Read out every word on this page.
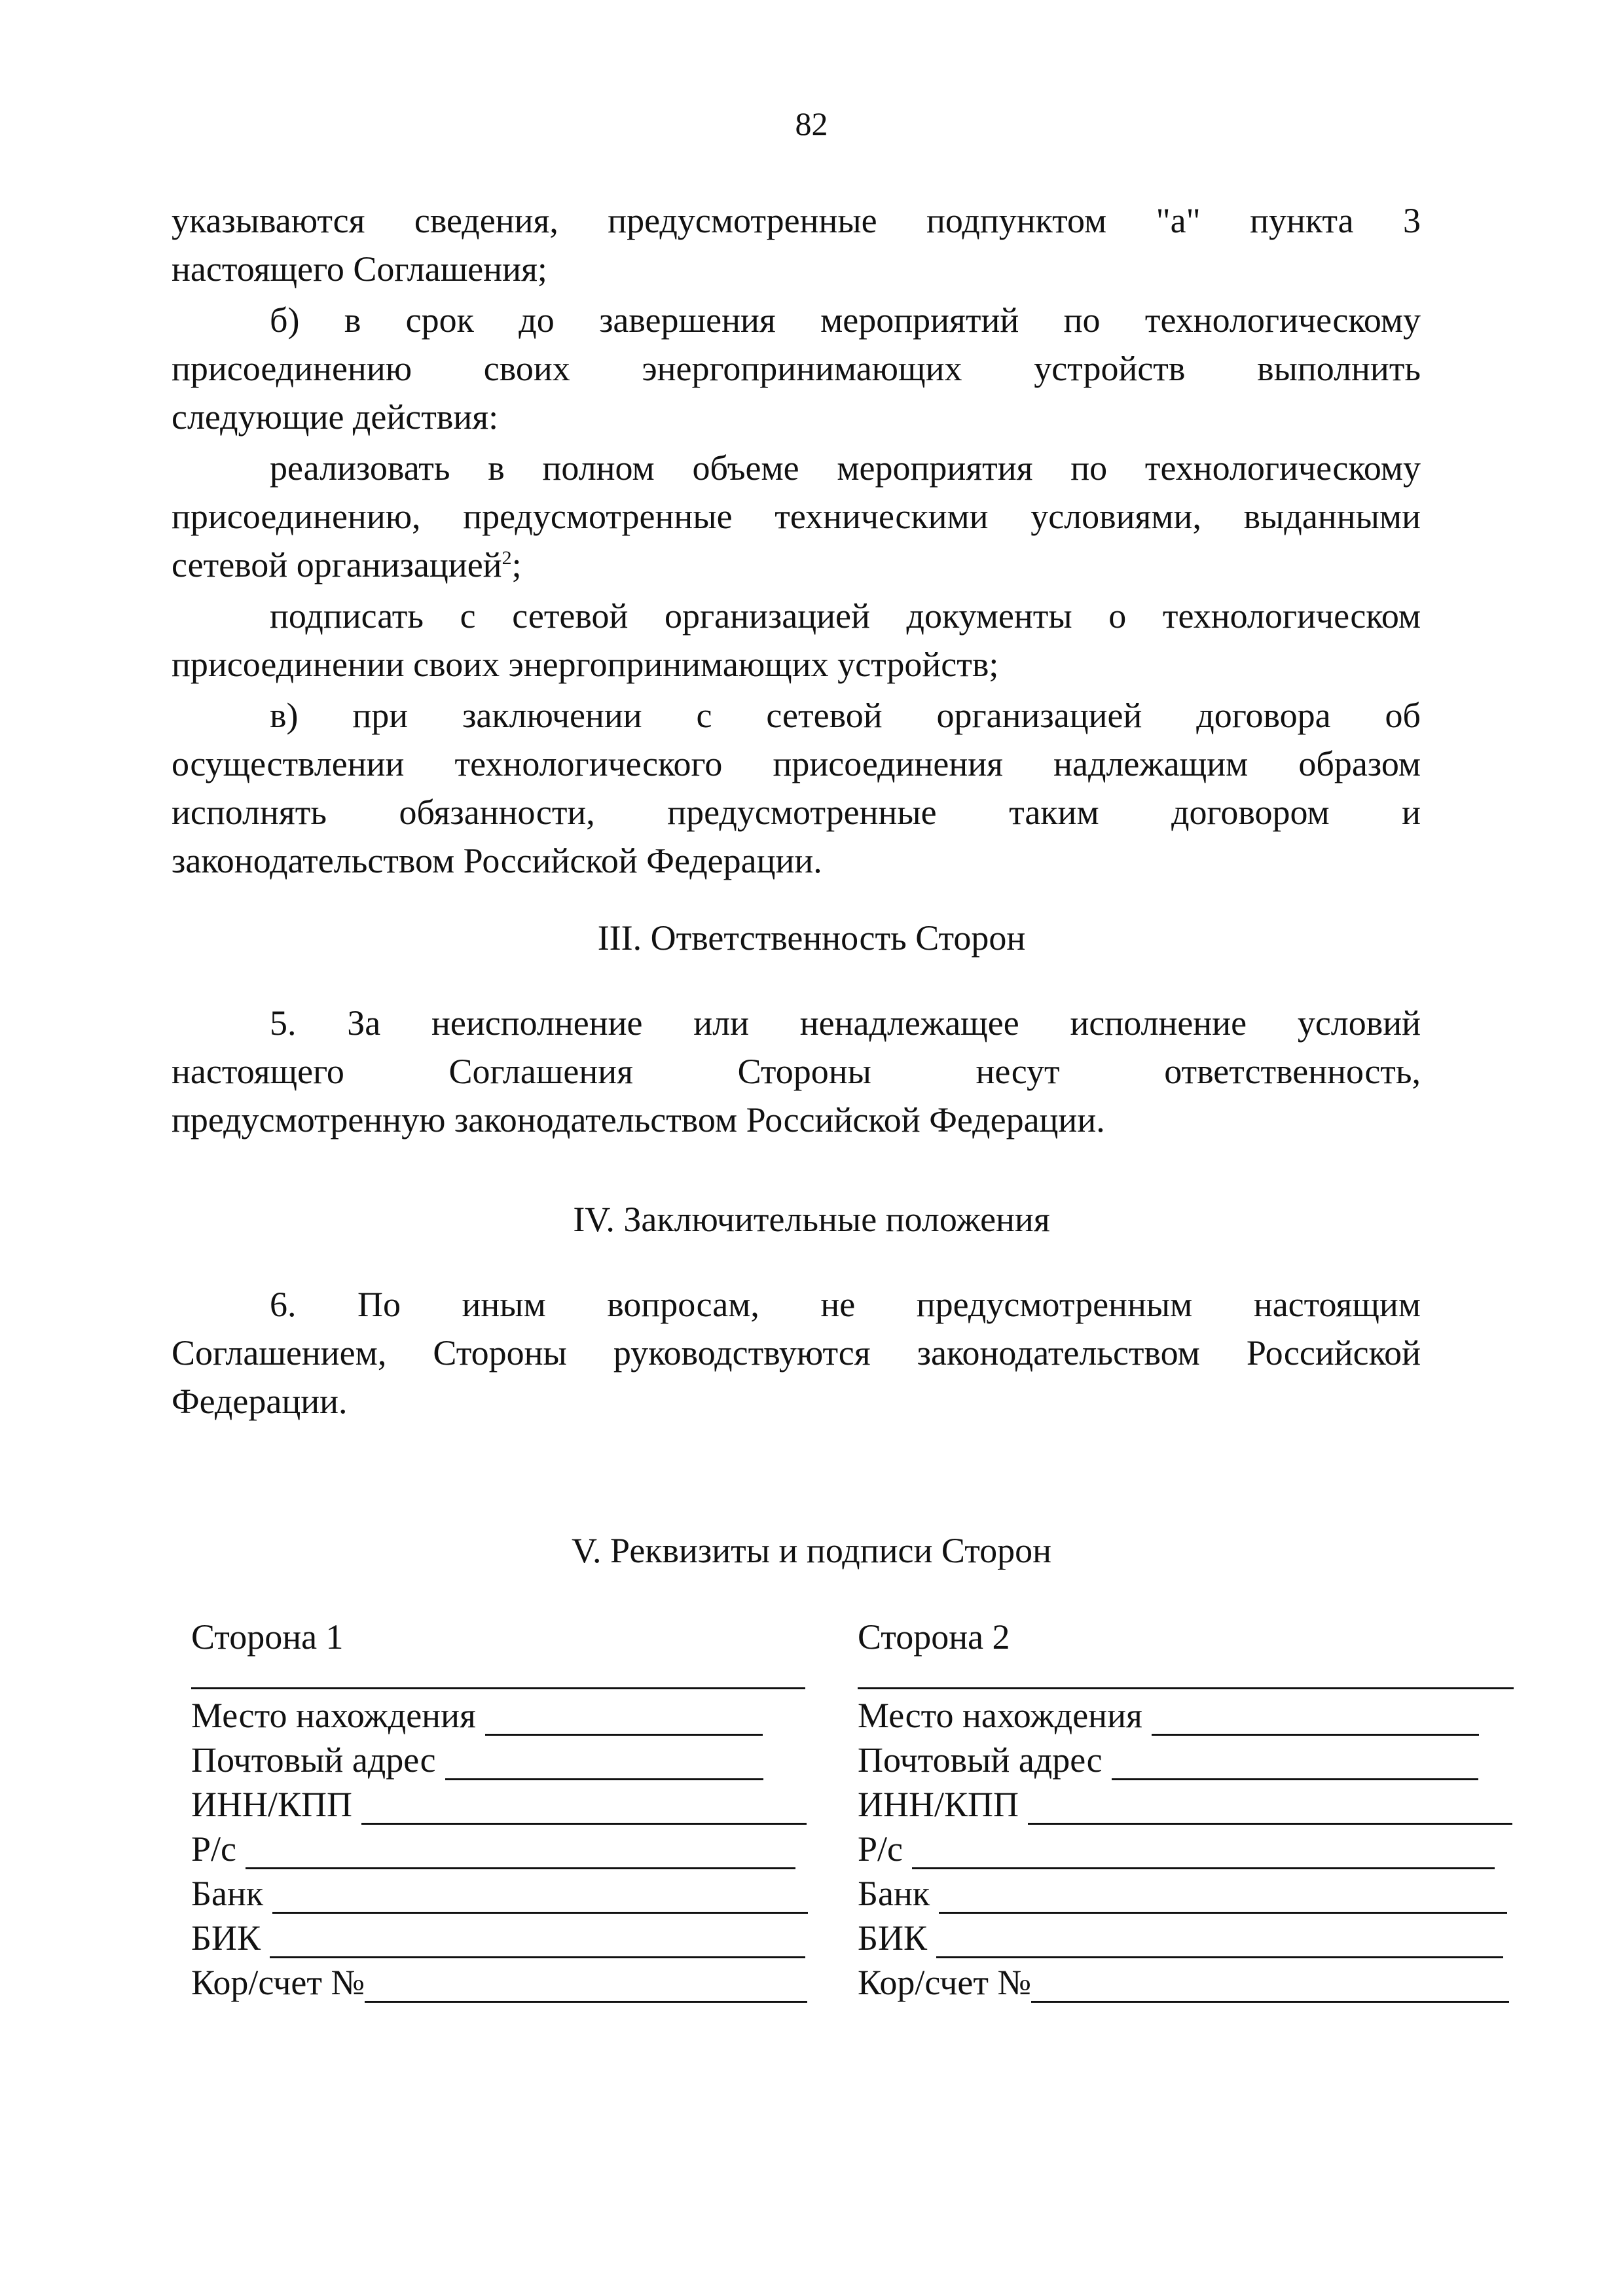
82
указываются сведения, предусмотренные подпунктом "а" пункта 3
настоящего Соглашения;
б) в срок до завершения мероприятий по технологическому
присоединению своих энергопринимающих устройств выполнить
следующие действия:
реализовать в полном объеме мероприятия по технологическому
присоединению, предусмотренные техническими условиями, выданными
сетевой организацией$^2$;
подписать с сетевой организацией документы о технологическом
присоединении своих энергопринимающих устройств;
в) при заключении с сетевой организацией договора об
осуществлении технологического присоединения надлежащим образом
исполнять обязанности, предусмотренные таким договором и
законодательством Российской Федерации.
III. Ответственность Сторон
5. За неисполнение или ненадлежащее исполнение условий
настоящего	Соглашения	Стороны	несут	ответственность,
предусмотренную законодательством Российской Федерации.
IV. Заключительные положения
6. По иным вопросам, не предусмотренным настоящим
Соглашением, Стороны руководствуются законодательством Российской
Федерации.
V. Реквизиты и подписи Сторон
Сторона 1
Место нахождения
Почтовый адрес
ИНН/КПП
Р/с
Банк
БИК
Кор/счет №
Сторона 2
Место нахождения
Почтовый адрес
ИНН/КПП
Р/с
Банк
БИК
Кор/счет №
